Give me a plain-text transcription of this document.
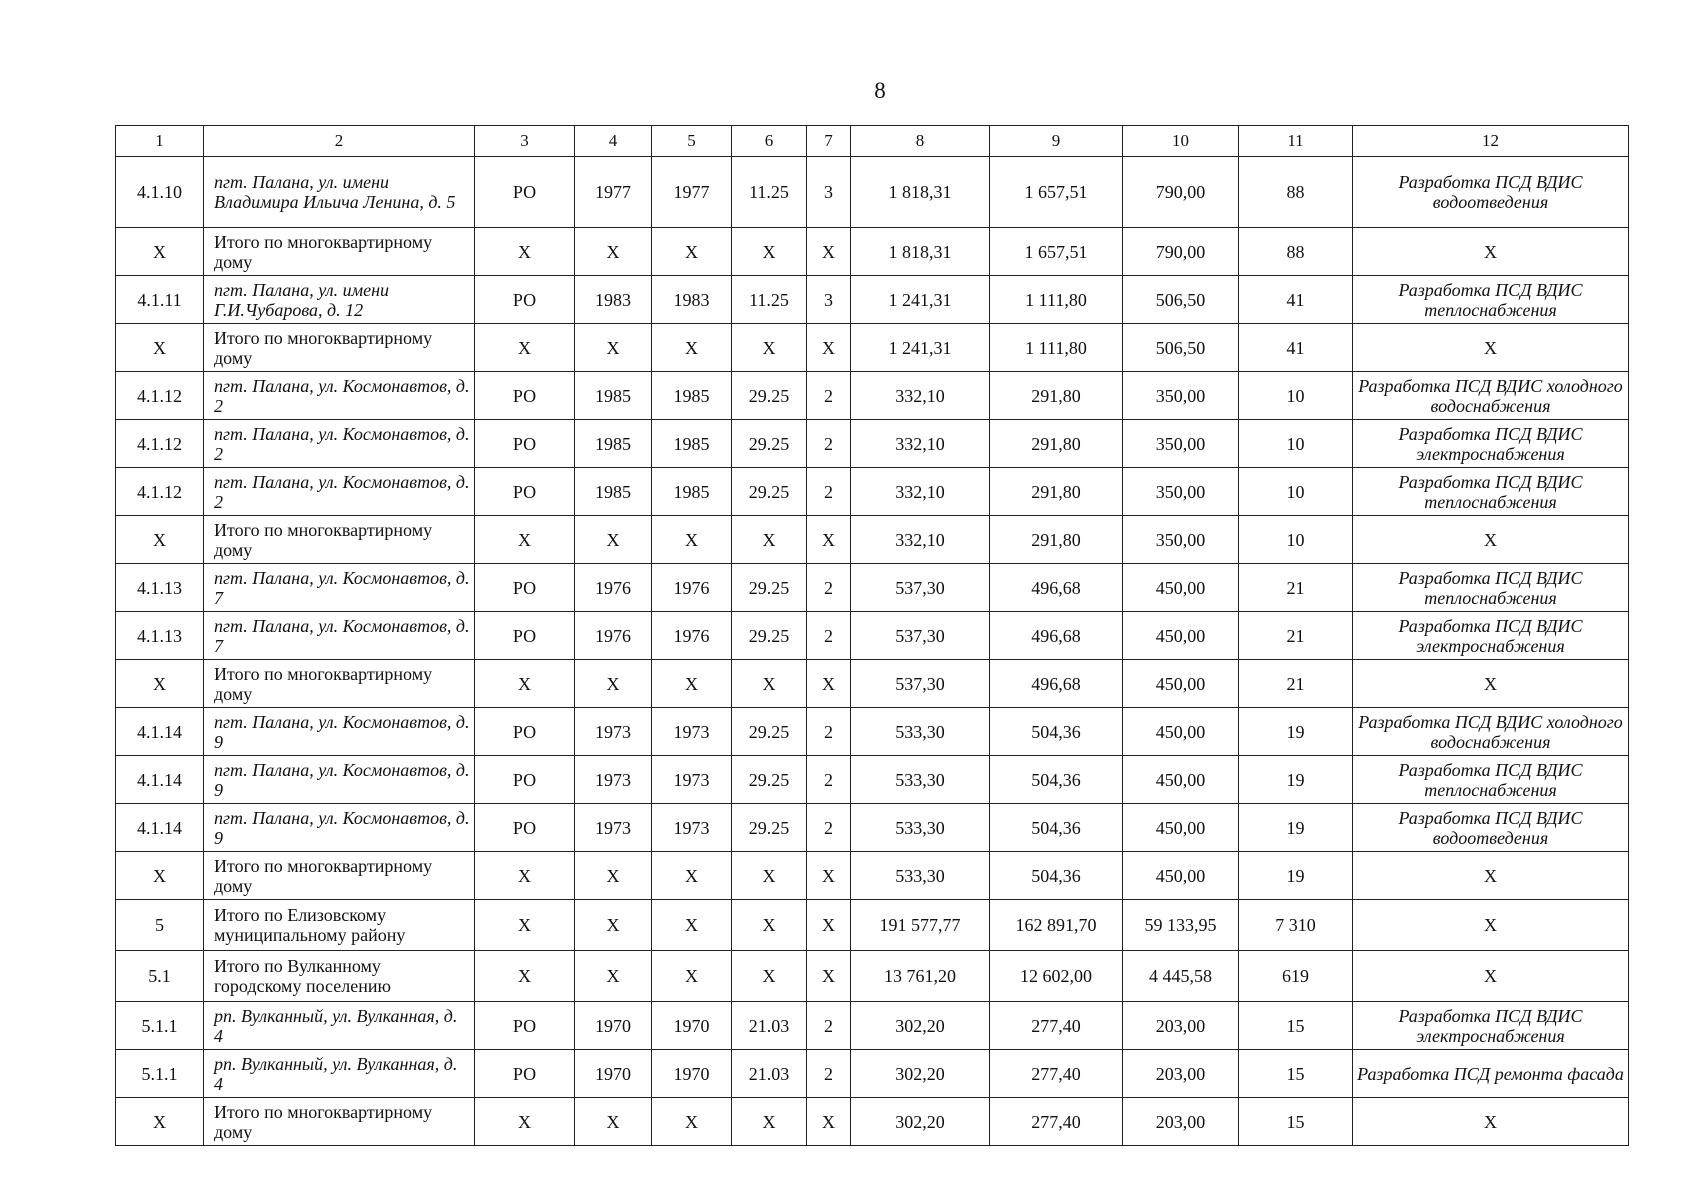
8
1	2	3	4	5	6	7	8	9	10	11	12
4.1.10	пгт. Палана, ул. имени Владимира Ильича Ленина, д. 5	РО	1977	1977	11.25	3	1 818,31	1 657,51	790,00	88	Разработка ПСД ВДИС водоотведения
Х	Итого по многоквартирному дому	Х	Х	Х	Х	Х	1 818,31	1 657,51	790,00	88	Х
4.1.11	пгт. Палана, ул. имени Г.И.Чубарова, д. 12	РО	1983	1983	11.25	3	1 241,31	1 111,80	506,50	41	Разработка ПСД ВДИС теплоснабжения
Х	Итого по многоквартирному дому	Х	Х	Х	Х	Х	1 241,31	1 111,80	506,50	41	Х
4.1.12	пгт. Палана, ул. Космонавтов, д. 2	РО	1985	1985	29.25	2	332,10	291,80	350,00	10	Разработка ПСД ВДИС холодного водоснабжения
4.1.12	пгт. Палана, ул. Космонавтов, д. 2	РО	1985	1985	29.25	2	332,10	291,80	350,00	10	Разработка ПСД ВДИС электроснабжения
4.1.12	пгт. Палана, ул. Космонавтов, д. 2	РО	1985	1985	29.25	2	332,10	291,80	350,00	10	Разработка ПСД ВДИС теплоснабжения
Х	Итого по многоквартирному дому	Х	Х	Х	Х	Х	332,10	291,80	350,00	10	Х
4.1.13	пгт. Палана, ул. Космонавтов, д. 7	РО	1976	1976	29.25	2	537,30	496,68	450,00	21	Разработка ПСД ВДИС теплоснабжения
4.1.13	пгт. Палана, ул. Космонавтов, д. 7	РО	1976	1976	29.25	2	537,30	496,68	450,00	21	Разработка ПСД ВДИС электроснабжения
Х	Итого по многоквартирному дому	Х	Х	Х	Х	Х	537,30	496,68	450,00	21	Х
4.1.14	пгт. Палана, ул. Космонавтов, д. 9	РО	1973	1973	29.25	2	533,30	504,36	450,00	19	Разработка ПСД ВДИС холодного водоснабжения
4.1.14	пгт. Палана, ул. Космонавтов, д. 9	РО	1973	1973	29.25	2	533,30	504,36	450,00	19	Разработка ПСД ВДИС теплоснабжения
4.1.14	пгт. Палана, ул. Космонавтов, д. 9	РО	1973	1973	29.25	2	533,30	504,36	450,00	19	Разработка ПСД ВДИС водоотведения
Х	Итого по многоквартирному дому	Х	Х	Х	Х	Х	533,30	504,36	450,00	19	Х
5	Итого по Елизовскому муниципальному району	Х	Х	Х	Х	Х	191 577,77	162 891,70	59 133,95	7 310	Х
5.1	Итого по Вулканному городскому поселению	Х	Х	Х	Х	Х	13 761,20	12 602,00	4 445,58	619	Х
5.1.1	рп. Вулканный, ул. Вулканная, д. 4	РО	1970	1970	21.03	2	302,20	277,40	203,00	15	Разработка ПСД ВДИС электроснабжения
5.1.1	рп. Вулканный, ул. Вулканная, д. 4	РО	1970	1970	21.03	2	302,20	277,40	203,00	15	Разработка ПСД ремонта фасада
Х	Итого по многоквартирному дому	Х	Х	Х	Х	Х	302,20	277,40	203,00	15	Х
